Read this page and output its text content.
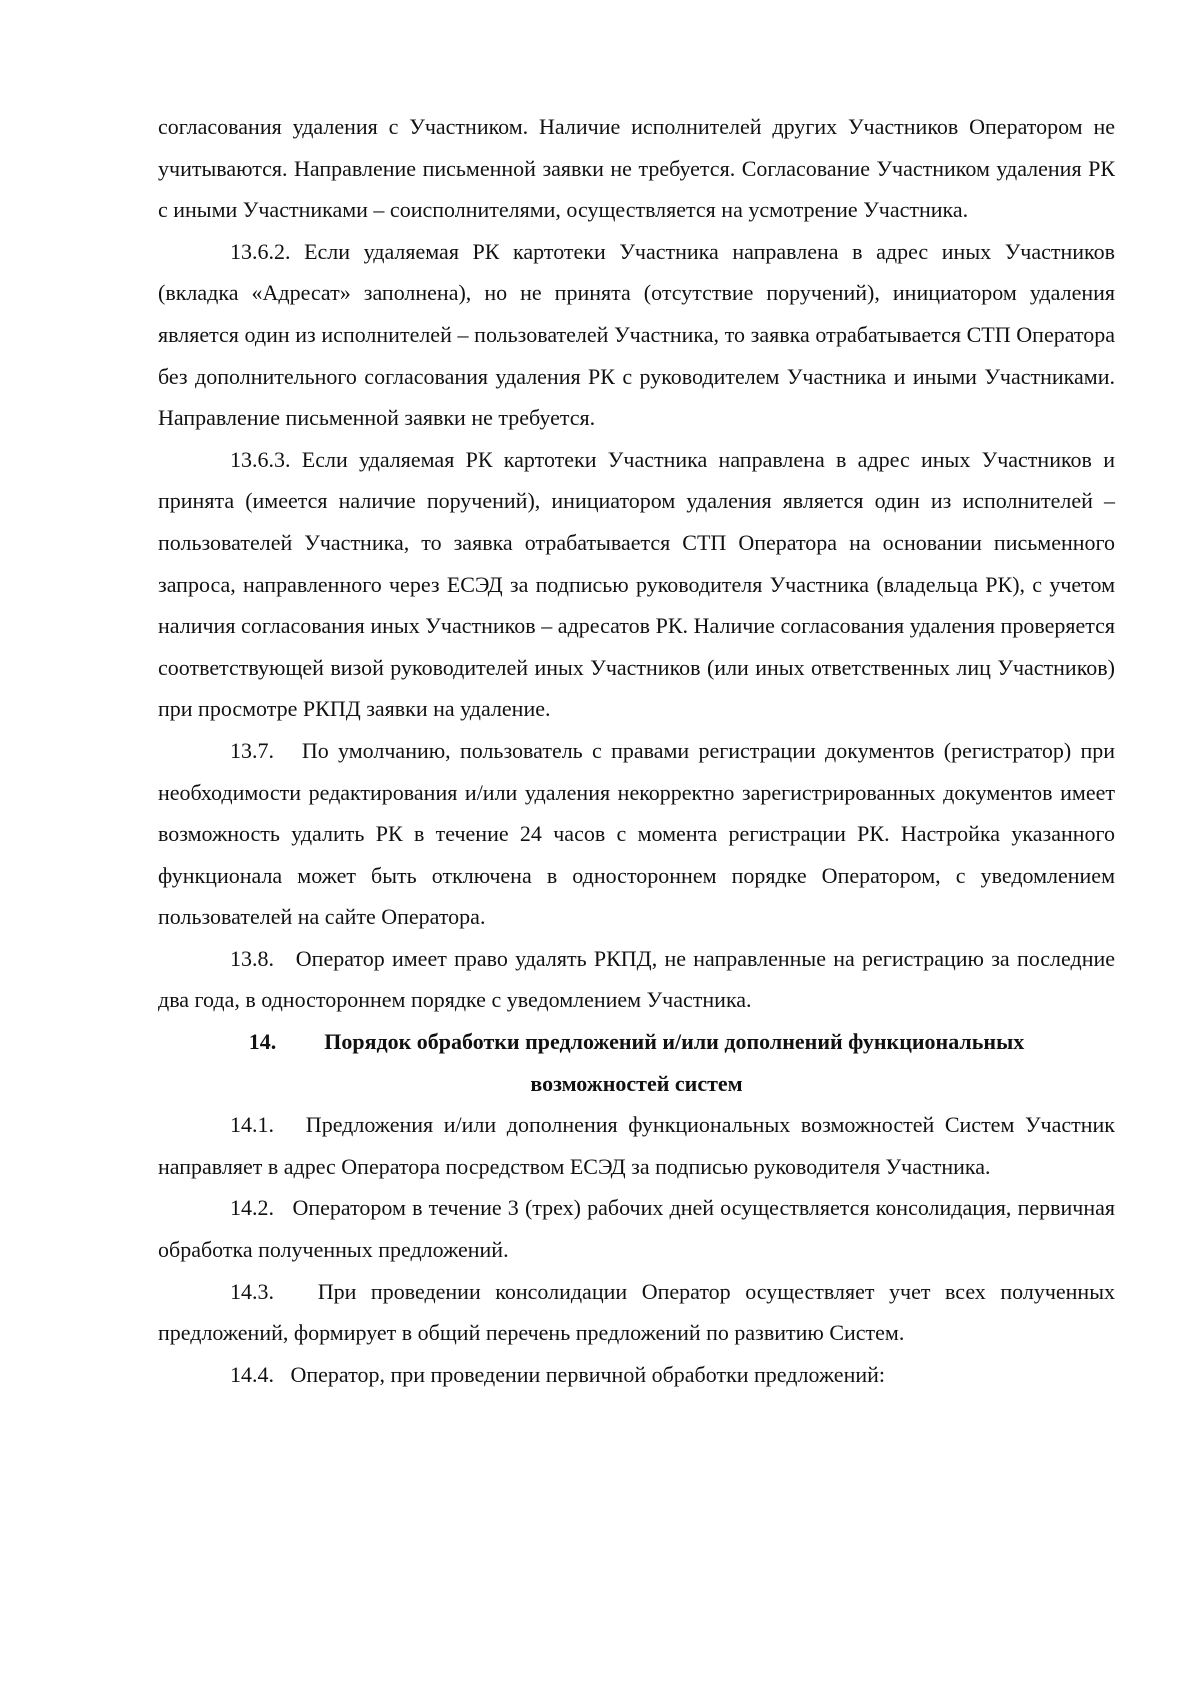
согласования удаления с Участником. Наличие исполнителей других Участников Оператором не учитываются. Направление письменной заявки не требуется. Согласование Участником удаления РК с иными Участниками – соисполнителями, осуществляется на усмотрение Участника.

13.6.2. Если удаляемая РК картотеки Участника направлена в адрес иных Участников (вкладка «Адресат» заполнена), но не принята (отсутствие поручений), инициатором удаления является один из исполнителей – пользователей Участника, то заявка отрабатывается СТП Оператора без дополнительного согласования удаления РК с руководителем Участника и иными Участниками. Направление письменной заявки не требуется.

13.6.3. Если удаляемая РК картотеки Участника направлена в адрес иных Участников и принята (имеется наличие поручений), инициатором удаления является один из исполнителей – пользователей Участника, то заявка отрабатывается СТП Оператора на основании письменного запроса, направленного через ЕСЭД за подписью руководителя Участника (владельца РК), с учетом наличия согласования иных Участников – адресатов РК. Наличие согласования удаления проверяется соответствующей визой руководителей иных Участников (или иных ответственных лиц Участников) при просмотре РКПД заявки на удаление.

13.7.   По умолчанию, пользователь с правами регистрации документов (регистратор) при необходимости редактирования и/или удаления некорректно зарегистрированных документов имеет возможность удалить РК в течение 24 часов с момента регистрации РК. Настройка указанного функционала может быть отключена в одностороннем порядке Оператором, с уведомлением пользователей на сайте Оператора.

13.8.   Оператор имеет право удалять РКПД, не направленные на регистрацию за последние два года, в одностороннем порядке с уведомлением Участника.

14. Порядок обработки предложений и/или дополнений функциональных
возможностей систем

14.1.   Предложения и/или дополнения функциональных возможностей Систем Участник направляет в адрес Оператора посредством ЕСЭД за подписью руководителя Участника.

14.2.   Оператором в течение 3 (трех) рабочих дней осуществляется консолидация, первичная обработка полученных предложений.

14.3.   При проведении консолидации Оператор осуществляет учет всех полученных предложений, формирует в общий перечень предложений по развитию Систем.

14.4.   Оператор, при проведении первичной обработки предложений:
